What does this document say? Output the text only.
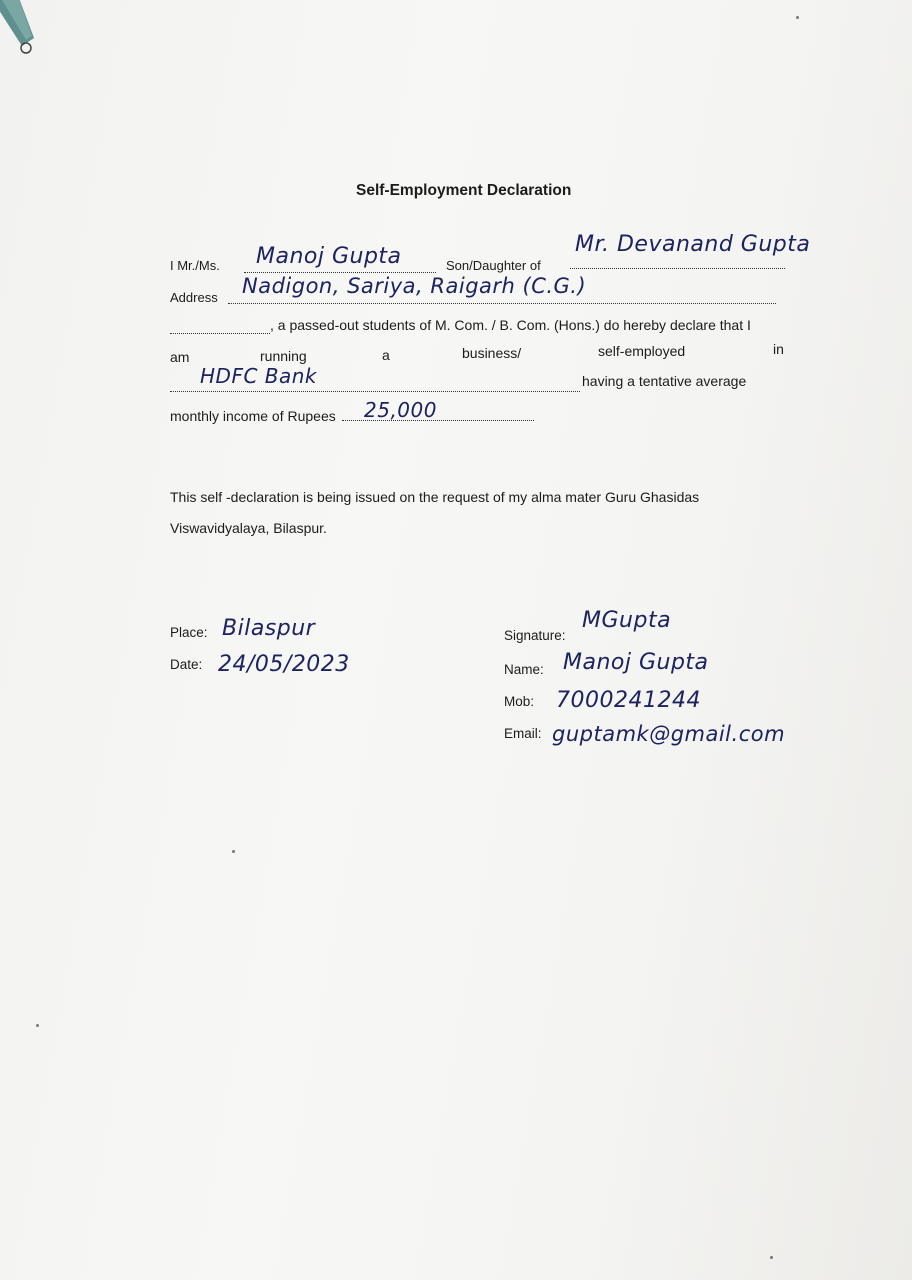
Self-Employment Declaration
I Mr./Ms. Manoj Gupta	Son/Daughter of
Mr. Devanand Gupta
Address Nadigon, Sariya, Raigarh (C.G.)
, a passed-out students of M. Com. / B. Com. (Hons.) do hereby declare that I
am	running	a	business/	self-employed	in
HDFC Bank	having a tentative average
monthly income of Rupees 25,000
This self -declaration is being issued on the request of my alma mater Guru Ghasidas
Viswavidyalaya, Bilaspur.
Place: Bilaspur
Date: 24/05/2023
Signature:
MGupta
Name: Manoj Gupta
Mob: 7000241244
Email: guptamk@gmail.com
